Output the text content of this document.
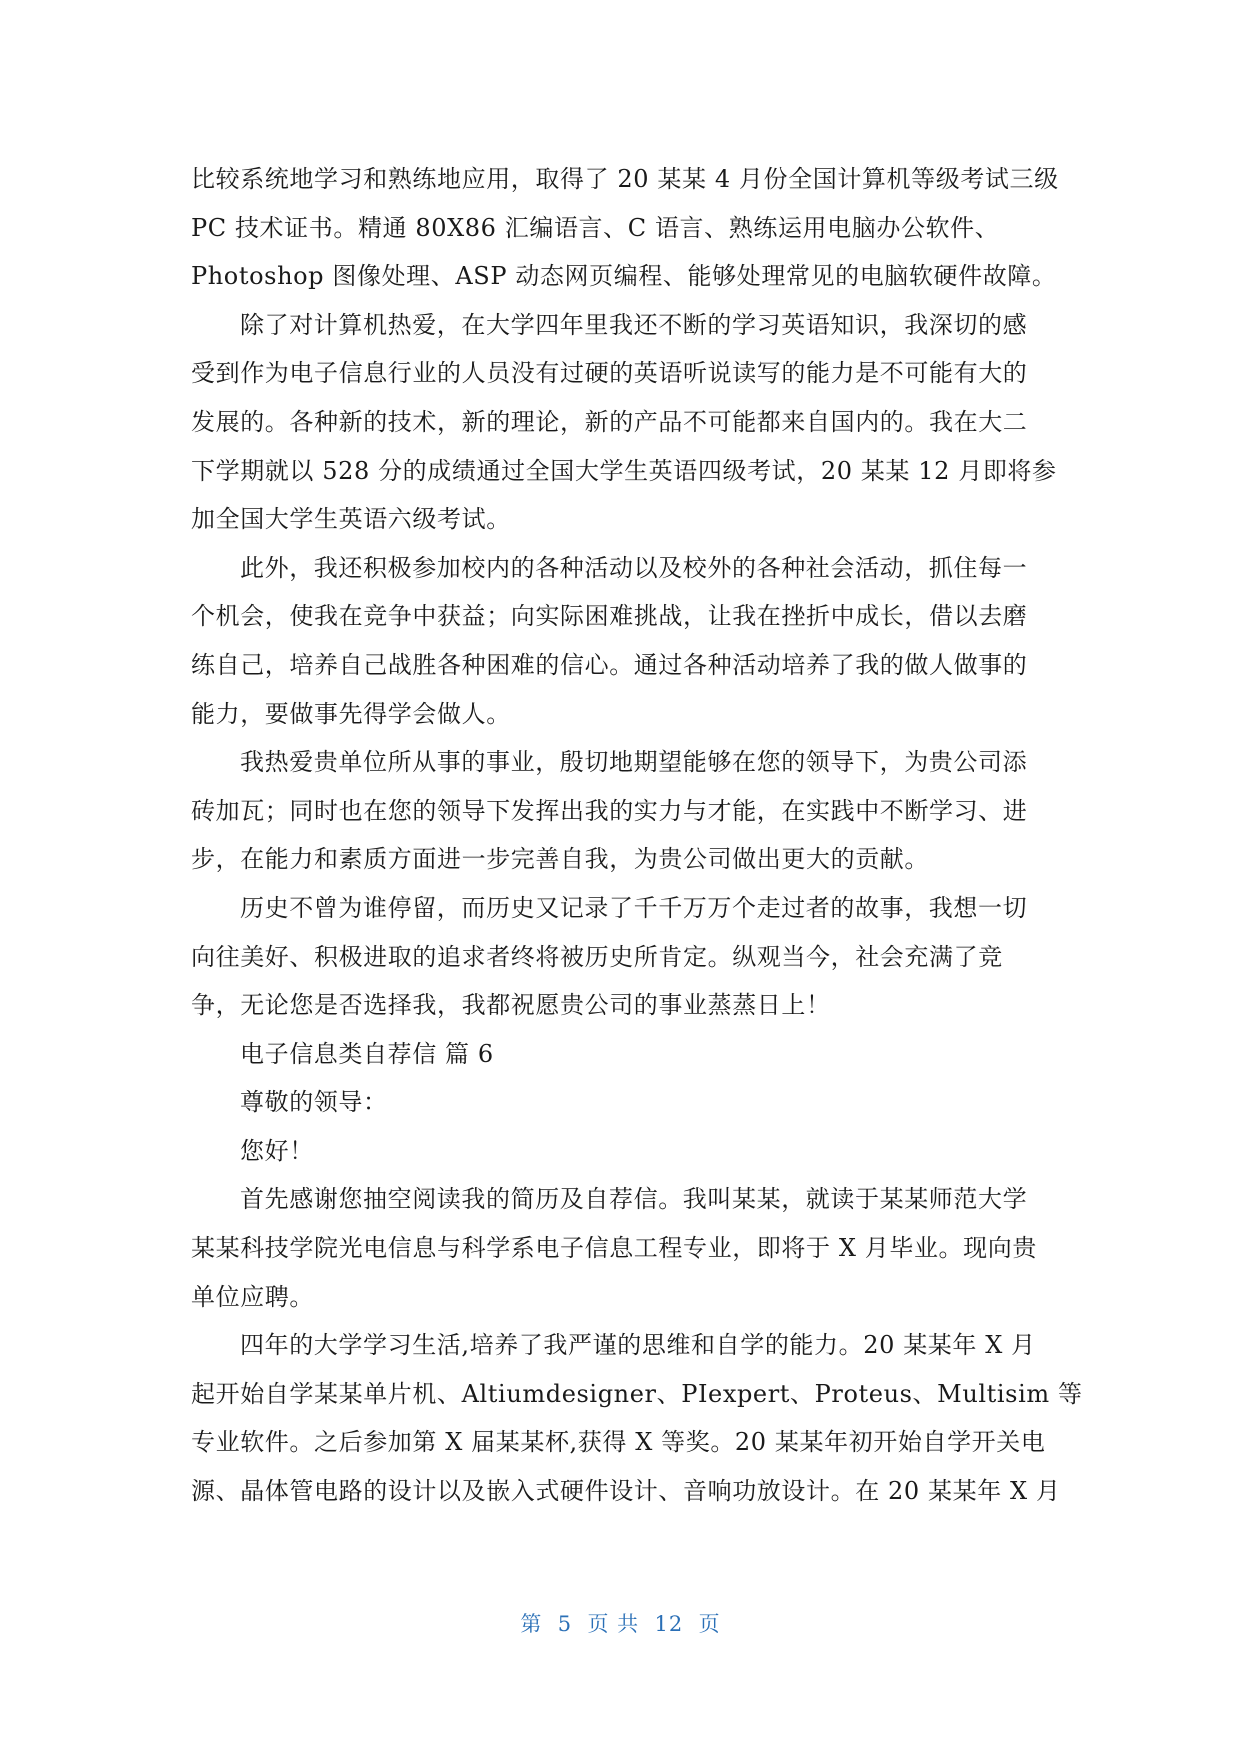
比较系统地学习和熟练地应用，取得了 20 某某 4 月份全国计算机等级考试三级
PC 技术证书。精通 80X86 汇编语言、C 语言、熟练运用电脑办公软件、
Photoshop 图像处理、ASP 动态网页编程、能够处理常见的电脑软硬件故障。
除了对计算机热爱，在大学四年里我还不断的学习英语知识，我深切的感
受到作为电子信息行业的人员没有过硬的英语听说读写的能力是不可能有大的
发展的。各种新的技术，新的理论，新的产品不可能都来自国内的。我在大二
下学期就以 528 分的成绩通过全国大学生英语四级考试，20 某某 12 月即将参
加全国大学生英语六级考试。
此外，我还积极参加校内的各种活动以及校外的各种社会活动，抓住每一
个机会，使我在竞争中获益；向实际困难挑战，让我在挫折中成长，借以去磨
练自己，培养自己战胜各种困难的信心。通过各种活动培养了我的做人做事的
能力，要做事先得学会做人。
我热爱贵单位所从事的事业，殷切地期望能够在您的领导下，为贵公司添
砖加瓦；同时也在您的领导下发挥出我的实力与才能，在实践中不断学习、进
步，在能力和素质方面进一步完善自我，为贵公司做出更大的贡献。
历史不曾为谁停留，而历史又记录了千千万万个走过者的故事，我想一切
向往美好、积极进取的追求者终将被历史所肯定。纵观当今，社会充满了竞
争，无论您是否选择我，我都祝愿贵公司的事业蒸蒸日上！
电子信息类自荐信 篇 6
尊敬的领导：
您好！
首先感谢您抽空阅读我的简历及自荐信。我叫某某，就读于某某师范大学
某某科技学院光电信息与科学系电子信息工程专业，即将于 X 月毕业。现向贵
单位应聘。
四年的大学学习生活,培养了我严谨的思维和自学的能力。20 某某年 X 月
起开始自学某某单片机、Altiumdesigner、PIexpert、Proteus、Multisim 等
专业软件。之后参加第 X 届某某杯,获得 X 等奖。20 某某年初开始自学开关电
源、晶体管电路的设计以及嵌入式硬件设计、音响功放设计。在 20 某某年 X 月
第  5  页 共  12  页
